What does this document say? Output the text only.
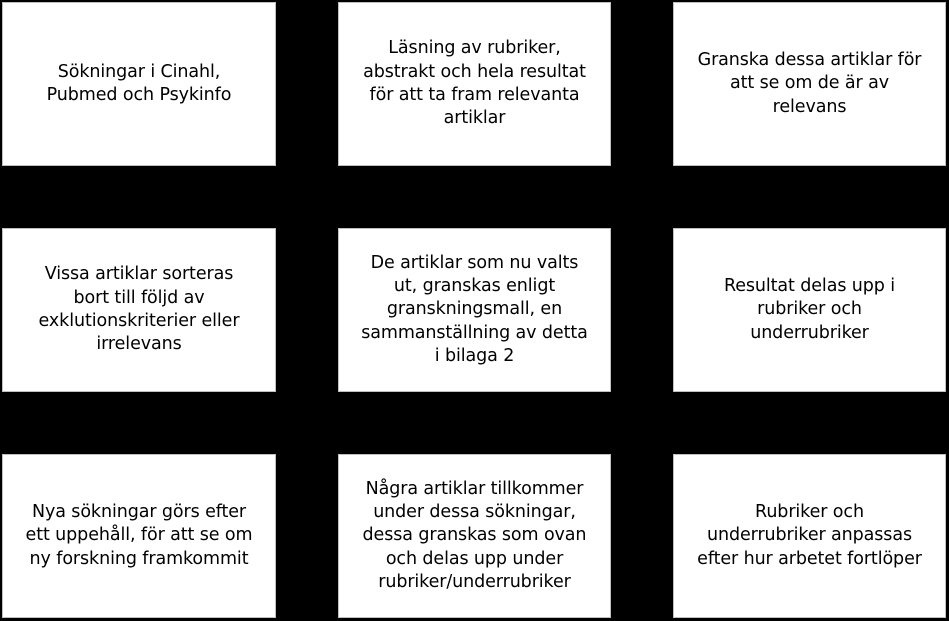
Sökningar i Cinahl,
Pubmed och Psykinfo
Läsning av rubriker,
abstrakt och hela resultat
för att ta fram relevanta
artiklar
Granska dessa artiklar för
att se om de är av
relevans
Vissa artiklar sorteras
bort till följd av
exklutionskriterier eller
irrelevans
De artiklar som nu valts
ut, granskas enligt
granskningsmall, en
sammanställning av detta
i bilaga 2
Resultat delas upp i
rubriker och
underrubriker
Nya sökningar görs efter
ett uppehåll, för att se om
ny forskning framkommit
Några artiklar tillkommer
under dessa sökningar,
dessa granskas som ovan
och delas upp under
rubriker/underrubriker
Rubriker och
underrubriker anpassas
efter hur arbetet fortlöper
